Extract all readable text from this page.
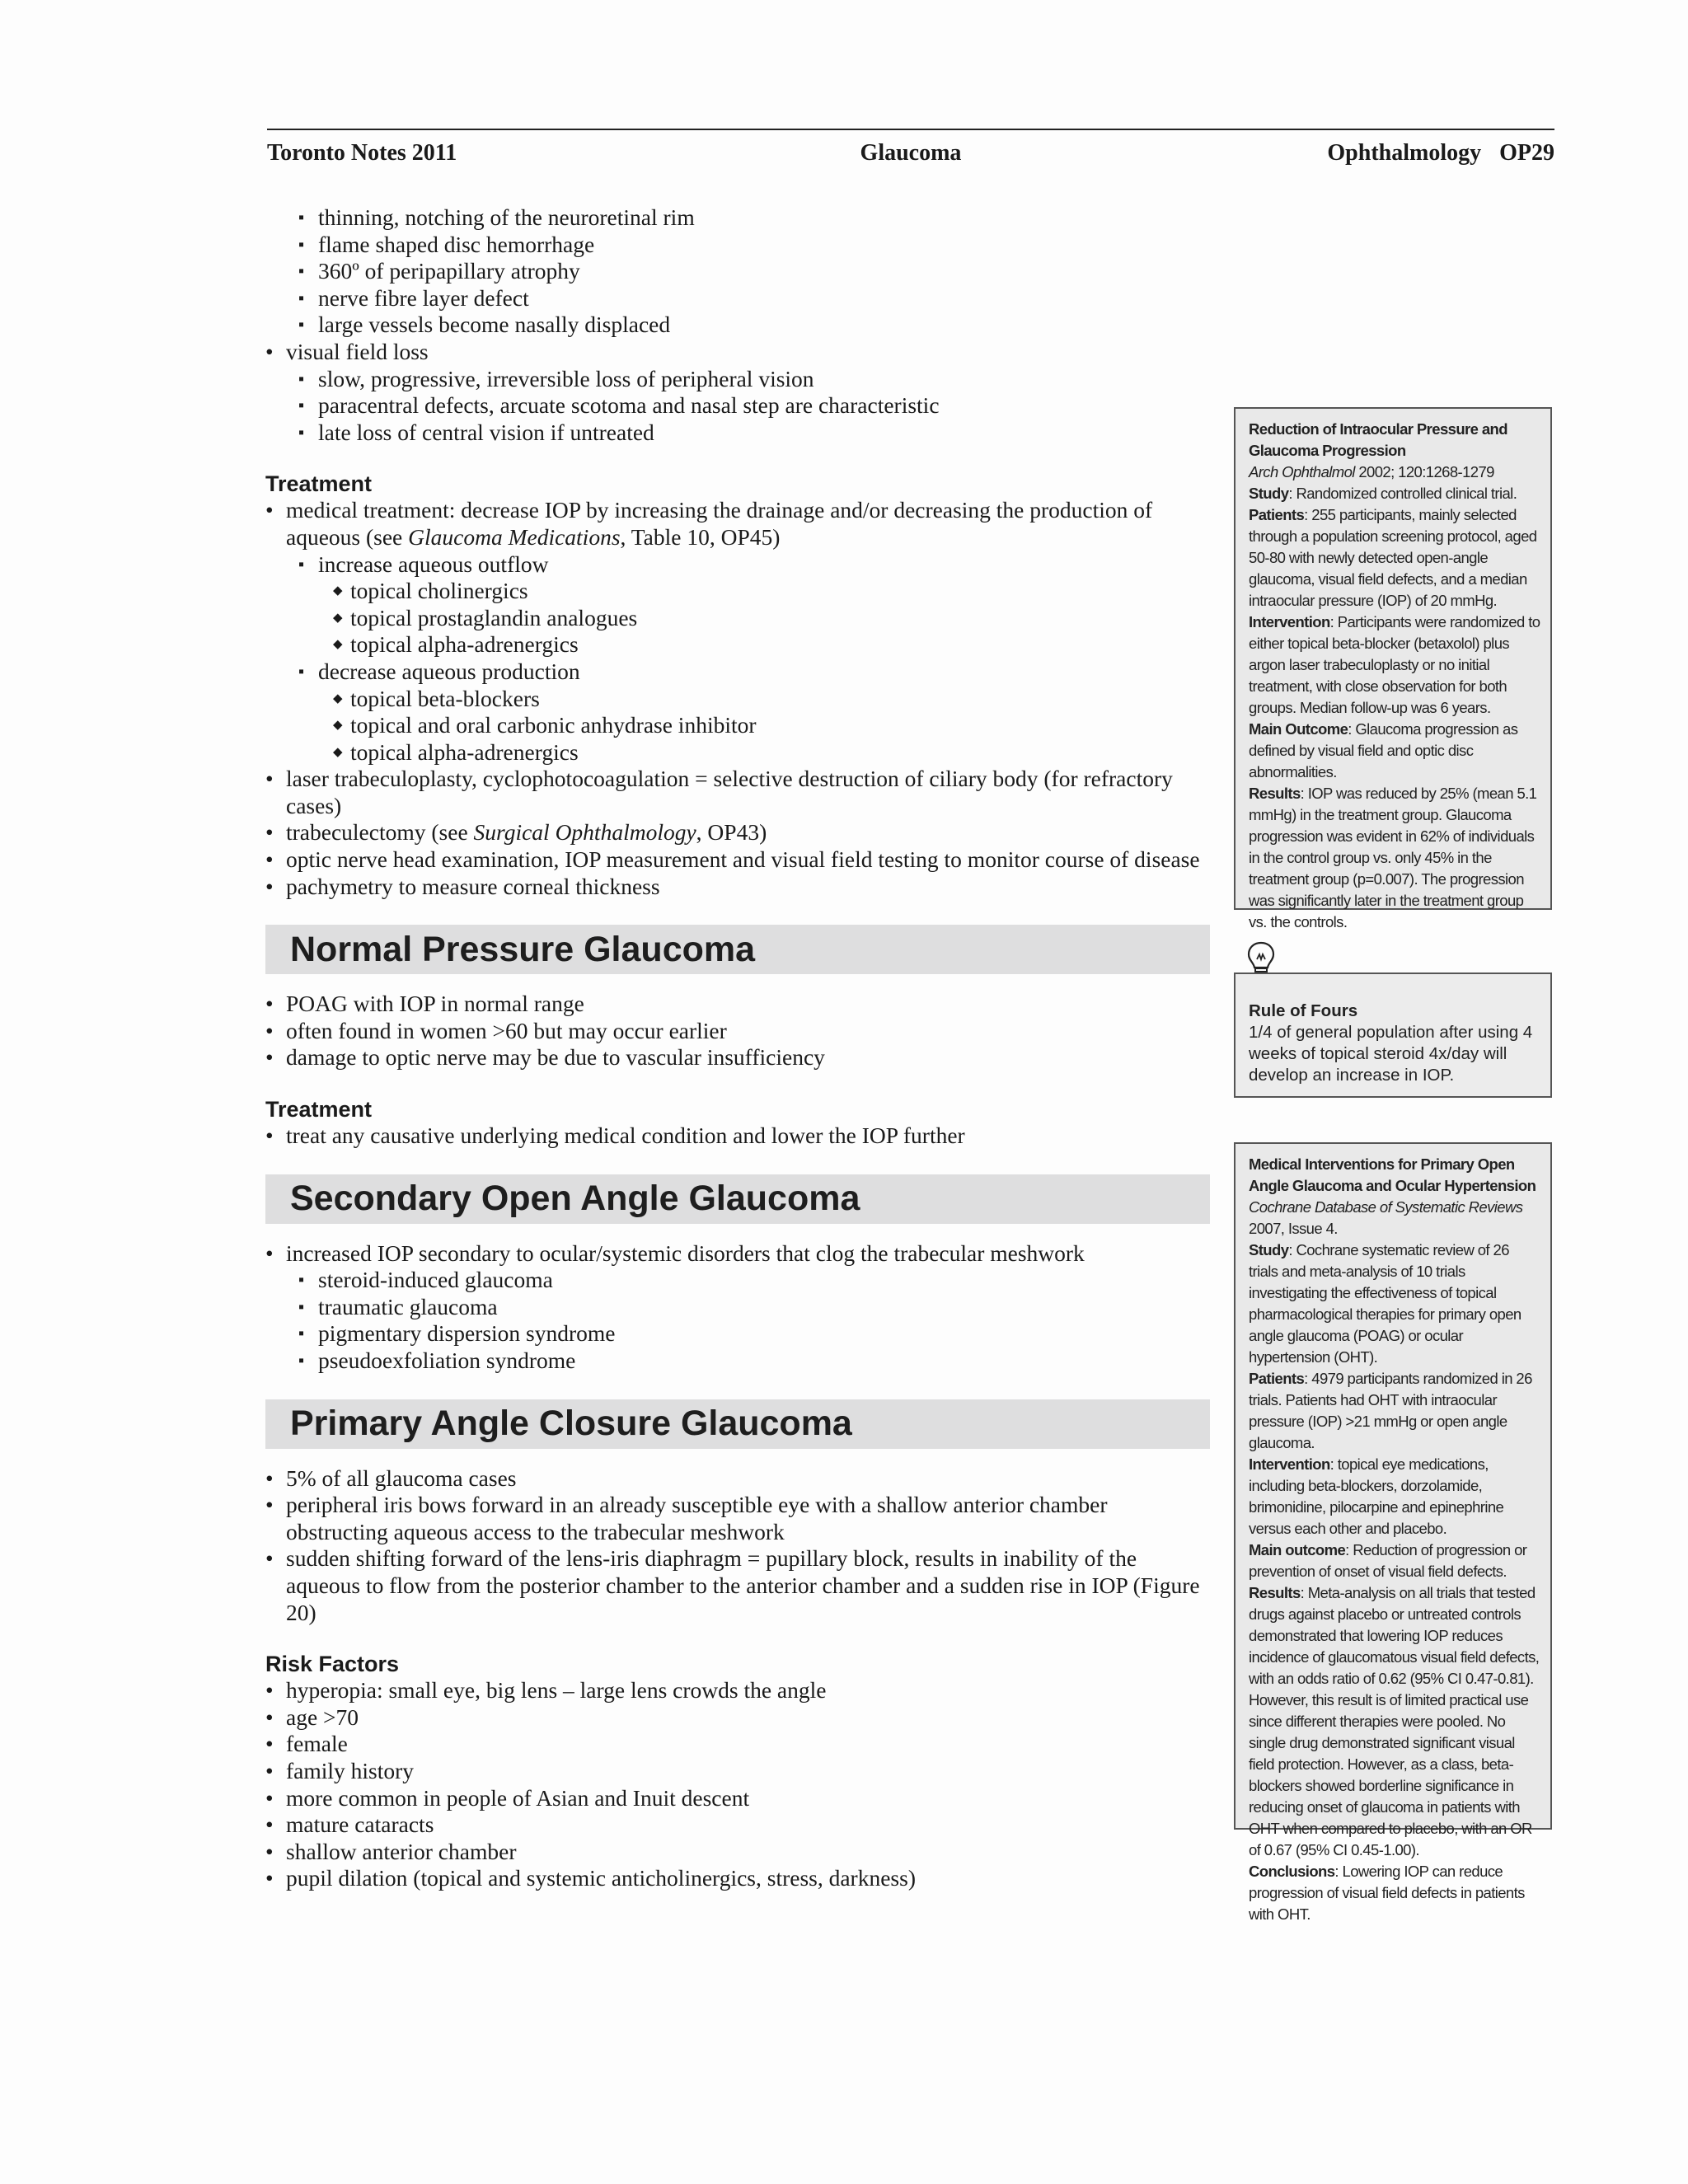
Toronto Notes 2011	Glaucoma	Ophthalmology OP29
▪ thinning, notching of the neuroretinal rim
▪ flame shaped disc hemorrhage
▪ 360º of peripapillary atrophy
▪ nerve fibre layer defect
▪ large vessels become nasally displaced
• visual field loss
▪ slow, progressive, irreversible loss of peripheral vision
▪ paracentral defects, arcuate scotoma and nasal step are characteristic
▪ late loss of central vision if untreated
Treatment
• medical treatment: decrease IOP by increasing the drainage and/or decreasing the production of aqueous (see Glaucoma Medications, Table 10, OP45)
▪ increase aqueous outflow
◆ topical cholinergics
◆ topical prostaglandin analogues
◆ topical alpha-adrenergics
▪ decrease aqueous production
◆ topical beta-blockers
◆ topical and oral carbonic anhydrase inhibitor
◆ topical alpha-adrenergics
• laser trabeculoplasty, cyclophotocoagulation = selective destruction of ciliary body (for refractory cases)
• trabeculectomy (see Surgical Ophthalmology, OP43)
• optic nerve head examination, IOP measurement and visual field testing to monitor course of disease
• pachymetry to measure corneal thickness
Normal Pressure Glaucoma
• POAG with IOP in normal range
• often found in women >60 but may occur earlier
• damage to optic nerve may be due to vascular insufficiency
Treatment
• treat any causative underlying medical condition and lower the IOP further
Secondary Open Angle Glaucoma
• increased IOP secondary to ocular/systemic disorders that clog the trabecular meshwork
▪ steroid-induced glaucoma
▪ traumatic glaucoma
▪ pigmentary dispersion syndrome
▪ pseudoexfoliation syndrome
Primary Angle Closure Glaucoma
• 5% of all glaucoma cases
• peripheral iris bows forward in an already susceptible eye with a shallow anterior chamber obstructing aqueous access to the trabecular meshwork
• sudden shifting forward of the lens-iris diaphragm = pupillary block, results in inability of the aqueous to flow from the posterior chamber to the anterior chamber and a sudden rise in IOP (Figure 20)
Risk Factors
• hyperopia: small eye, big lens – large lens crowds the angle
• age >70
• female
• family history
• more common in people of Asian and Inuit descent
• mature cataracts
• shallow anterior chamber
• pupil dilation (topical and systemic anticholinergics, stress, darkness)
Reduction of Intraocular Pressure and Glaucoma Progression
Arch Ophthalmol 2002; 120:1268-1279
Study: Randomized controlled clinical trial.
Patients: 255 participants, mainly selected through a population screening protocol, aged 50-80 with newly detected open-angle glaucoma, visual field defects, and a median intraocular pressure (IOP) of 20 mmHg.
Intervention: Participants were randomized to either topical beta-blocker (betaxolol) plus argon laser trabeculoplasty or no initial treatment, with close observation for both groups. Median follow-up was 6 years.
Main Outcome: Glaucoma progression as defined by visual field and optic disc abnormalities.
Results: IOP was reduced by 25% (mean 5.1 mmHg) in the treatment group. Glaucoma progression was evident in 62% of individuals in the control group vs. only 45% in the treatment group (p=0.007). The progression was significantly later in the treatment group vs. the controls.
Rule of Fours
1/4 of general population after using 4 weeks of topical steroid 4x/day will develop an increase in IOP.
Medical Interventions for Primary Open Angle Glaucoma and Ocular Hypertension
Cochrane Database of Systematic Reviews 2007, Issue 4.
Study: Cochrane systematic review of 26 trials and meta-analysis of 10 trials investigating the effectiveness of topical pharmacological therapies for primary open angle glaucoma (POAG) or ocular hypertension (OHT).
Patients: 4979 participants randomized in 26 trials. Patients had OHT with intraocular pressure (IOP) >21 mmHg or open angle glaucoma.
Intervention: topical eye medications, including beta-blockers, dorzolamide, brimonidine, pilocarpine and epinephrine versus each other and placebo.
Main outcome: Reduction of progression or prevention of onset of visual field defects.
Results: Meta-analysis on all trials that tested drugs against placebo or untreated controls demonstrated that lowering IOP reduces incidence of glaucomatous visual field defects, with an odds ratio of 0.62 (95% CI 0.47-0.81). However, this result is of limited practical use since different therapies were pooled. No single drug demonstrated significant visual field protection. However, as a class, beta-blockers showed borderline significance in reducing onset of glaucoma in patients with OHT when compared to placebo, with an OR of 0.67 (95% CI 0.45-1.00).
Conclusions: Lowering IOP can reduce progression of visual field defects in patients with OHT.
